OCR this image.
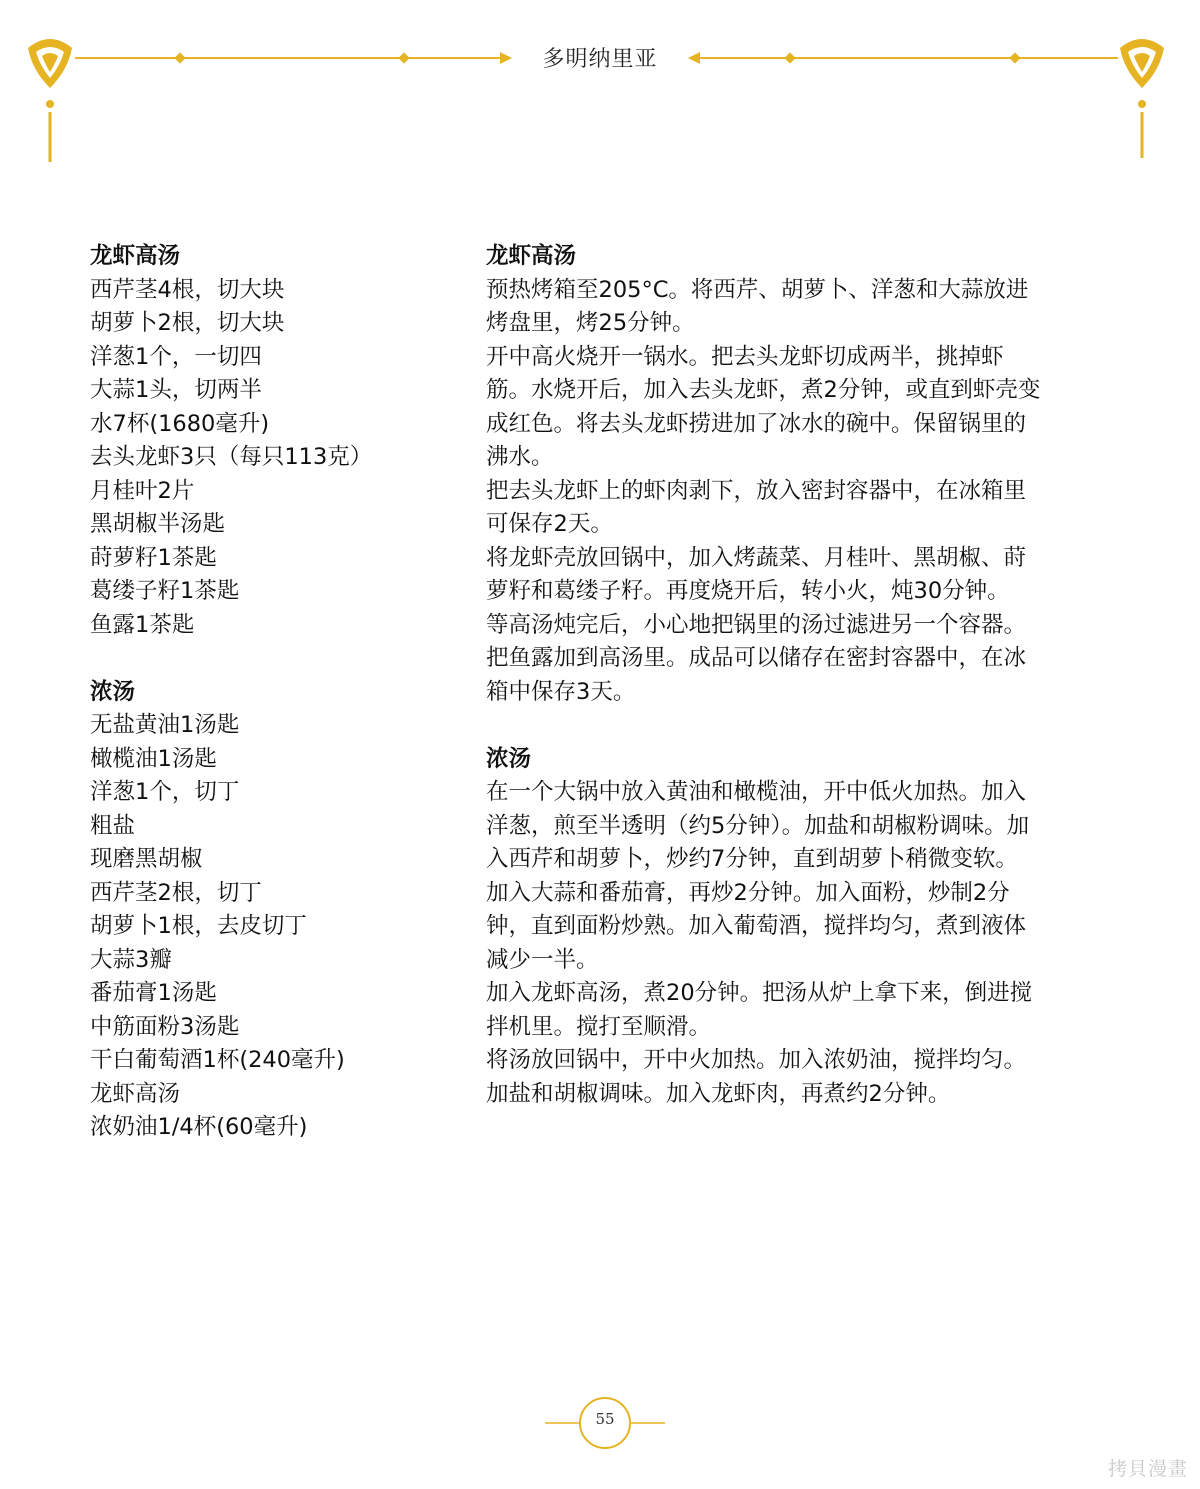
多明纳里亚
龙虾高汤
西芹茎4根，切大块
胡萝卜2根，切大块
洋葱1个，一切四
大蒜1头，切两半
水7杯(1680毫升)
去头龙虾3只（每只113克）
月桂叶2片
黑胡椒半汤匙
莳萝籽1茶匙
葛缕子籽1茶匙
鱼露1茶匙
浓汤
无盐黄油1汤匙
橄榄油1汤匙
洋葱1个，切丁
粗盐
现磨黑胡椒
西芹茎2根，切丁
胡萝卜1根，去皮切丁
大蒜3瓣
番茄膏1汤匙
中筋面粉3汤匙
干白葡萄酒1杯(240毫升)
龙虾高汤
浓奶油1/4杯(60毫升)
龙虾高汤
预热烤箱至205°C。将西芹、胡萝卜、洋葱和大蒜放进
烤盘里，烤25分钟。
开中高火烧开一锅水。把去头龙虾切成两半，挑掉虾
筋。水烧开后，加入去头龙虾，煮2分钟，或直到虾壳变
成红色。将去头龙虾捞进加了冰水的碗中。保留锅里的
沸水。
把去头龙虾上的虾肉剥下，放入密封容器中，在冰箱里
可保存2天。
将龙虾壳放回锅中，加入烤蔬菜、月桂叶、黑胡椒、莳
萝籽和葛缕子籽。再度烧开后，转小火，炖30分钟。
等高汤炖完后，小心地把锅里的汤过滤进另一个容器。
把鱼露加到高汤里。成品可以储存在密封容器中，在冰
箱中保存3天。
浓汤
在一个大锅中放入黄油和橄榄油，开中低火加热。加入
洋葱，煎至半透明（约5分钟）。加盐和胡椒粉调味。加
入西芹和胡萝卜，炒约7分钟，直到胡萝卜稍微变软。
加入大蒜和番茄膏，再炒2分钟。加入面粉，炒制2分
钟，直到面粉炒熟。加入葡萄酒，搅拌均匀，煮到液体
减少一半。
加入龙虾高汤，煮20分钟。把汤从炉上拿下来，倒进搅
拌机里。搅打至顺滑。
将汤放回锅中，开中火加热。加入浓奶油，搅拌均匀。
加盐和胡椒调味。加入龙虾肉，再煮约2分钟。
55
拷貝漫畫
